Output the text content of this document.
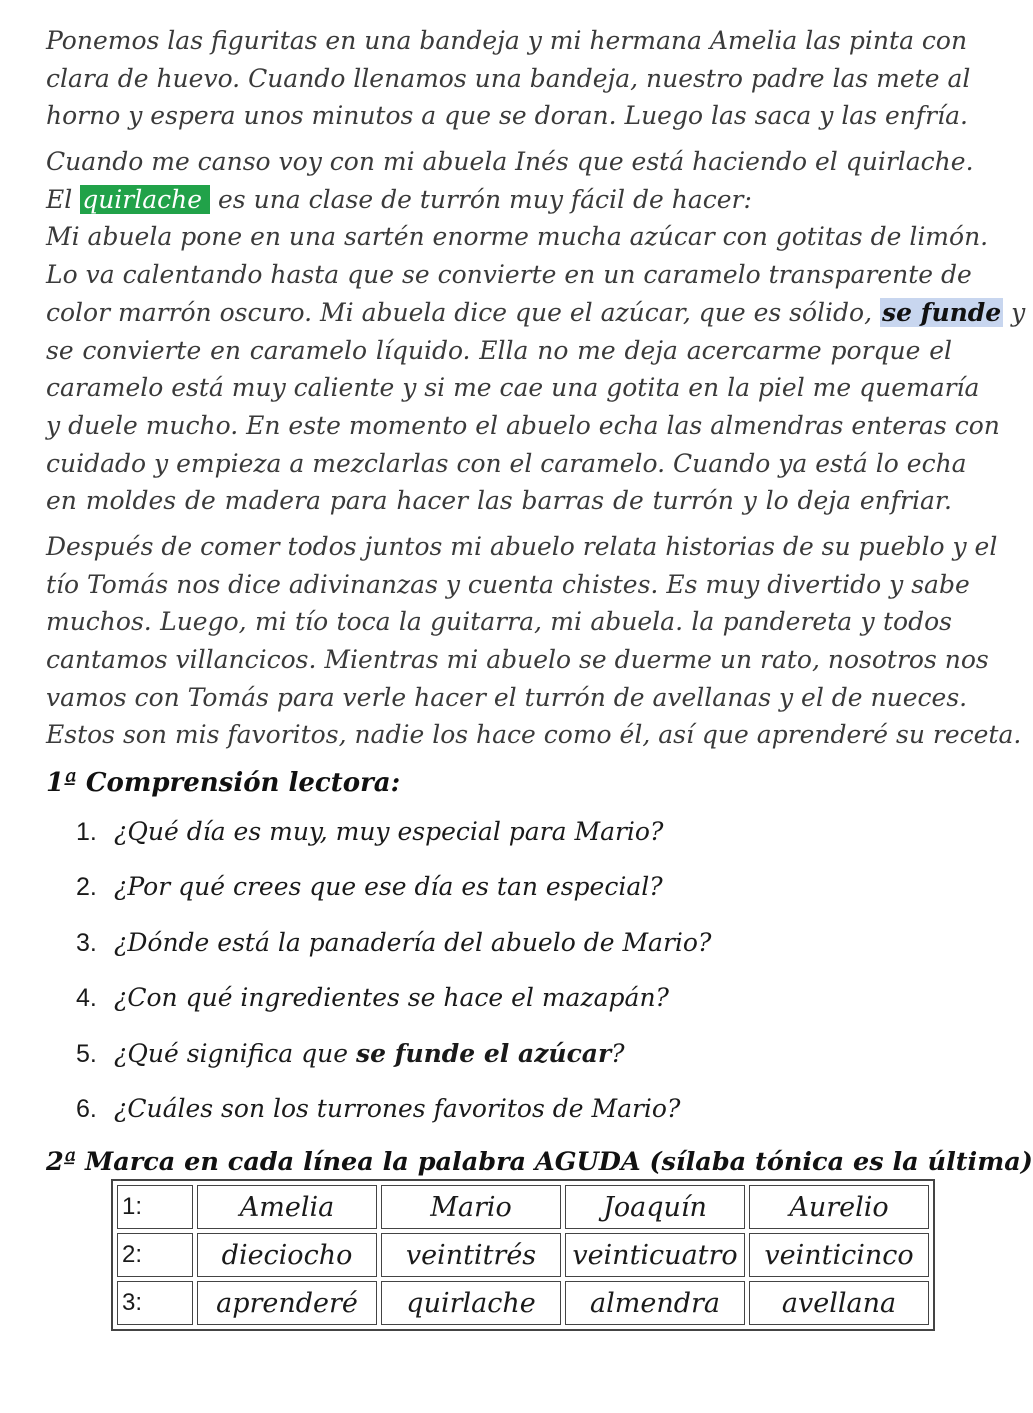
Ponemos las figuritas en una bandeja y mi hermana Amelia las pinta con
clara de huevo. Cuando llenamos una bandeja, nuestro padre las mete al
horno y espera unos minutos a que se doran. Luego las saca y las enfría.
Cuando me canso voy con mi abuela Inés que está haciendo el quirlache.
El quirlache es una clase de turrón muy fácil de hacer:
Mi abuela pone en una sartén enorme mucha azúcar con gotitas de limón.
Lo va calentando hasta que se convierte en un caramelo transparente de
color marrón oscuro. Mi abuela dice que el azúcar, que es sólido, se funde y
se convierte en caramelo líquido. Ella no me deja acercarme porque el
caramelo está muy caliente y si me cae una gotita en la piel me quemaría
y duele mucho. En este momento el abuelo echa las almendras enteras con
cuidado y empieza a mezclarlas con el caramelo. Cuando ya está lo echa
en moldes de madera para hacer las barras de turrón y lo deja enfriar.
Después de comer todos juntos mi abuelo relata historias de su pueblo y el
tío Tomás nos dice adivinanzas y cuenta chistes. Es muy divertido y sabe
muchos. Luego, mi tío toca la guitarra, mi abuela. la pandereta y todos
cantamos villancicos. Mientras mi abuelo se duerme un rato, nosotros nos
vamos con Tomás para verle hacer el turrón de avellanas y el de nueces.
Estos son mis favoritos, nadie los hace como él, así que aprenderé su receta.
1ª Comprensión lectora:
1. ¿Qué día es muy, muy especial para Mario?
2. ¿Por qué crees que ese día es tan especial?
3. ¿Dónde está la panadería del abuelo de Mario?
4. ¿Con qué ingredientes se hace el mazapán?
5. ¿Qué significa que se funde el azúcar?
6. ¿Cuáles son los turrones favoritos de Mario?
2ª Marca en cada línea la palabra AGUDA (sílaba tónica es la última)
1:	Amelia	Mario	Joaquín	Aurelio
2:	dieciocho	veintitrés	veinticuatro	veinticinco
3:	aprenderé	quirlache	almendra	avellana
